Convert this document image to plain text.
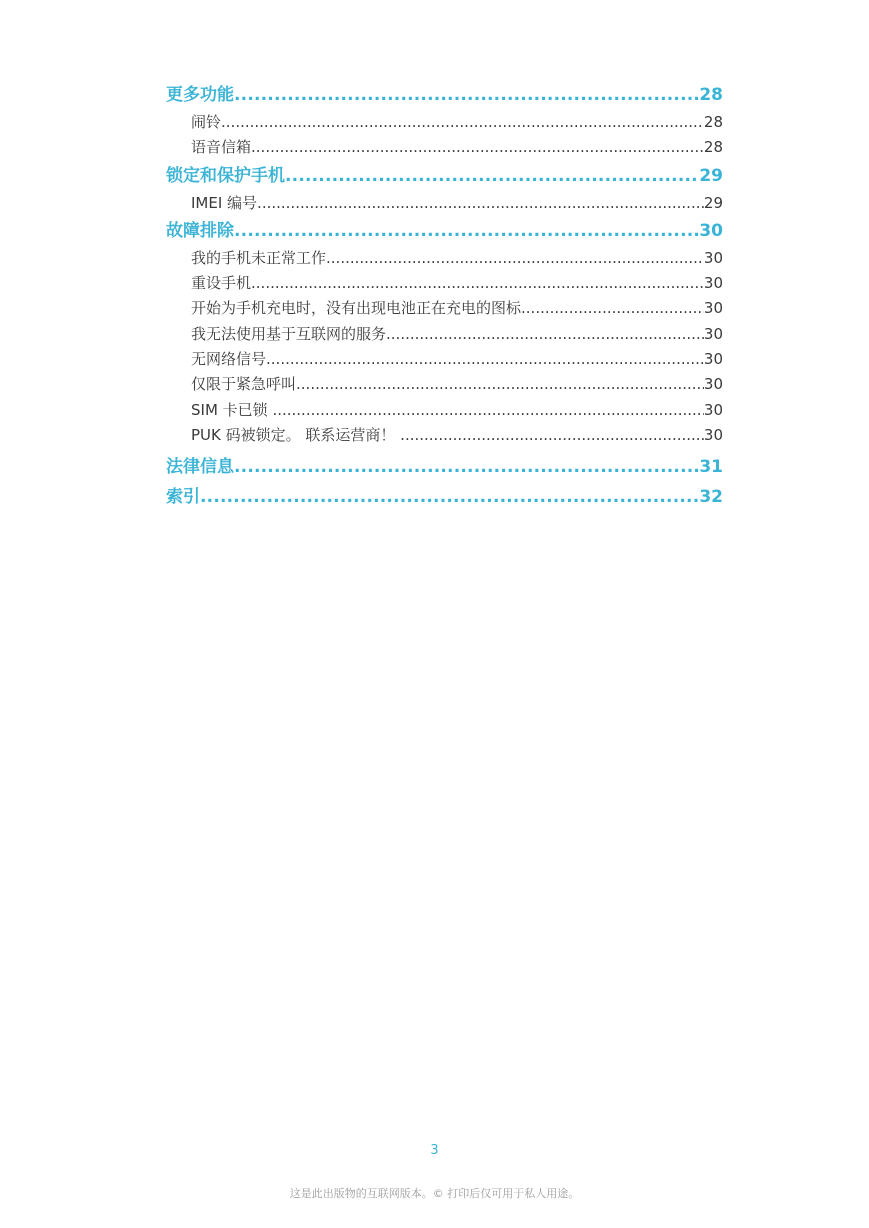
更多功能 .....	28
闹铃 .....	28
语音信箱 .....	28
锁定和保护手机 .....	29
IMEI 编号 .....	29
故障排除 .....	30
我的手机未正常工作 .....	30
重设手机 .....	30
开始为手机充电时，没有出现电池正在充电的图标 .....	30
我无法使用基于互联网的服务 .....	30
无网络信号 .....	30
仅限于紧急呼叫 .....	30
SIM 卡已锁 .....	30
PUK 码被锁定。 联系运营商！ .....	30
法律信息 .....	31
索引 .....	32
3
这是此出版物的互联网版本。© 打印后仅可用于私人用途。
